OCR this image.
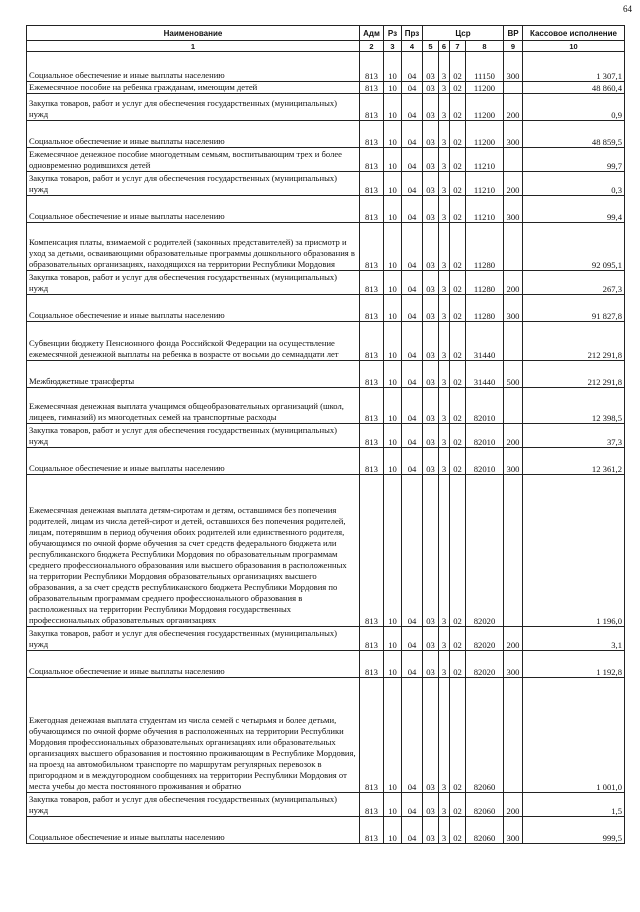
64
Наименование	Адм	Рз	Прз	Цср				ВР	Кассовое исполнение
1	2	3	4	5	6	7	8	9	10
Социальное обеспечение и иные выплаты населению	813	10	04	03	3	02	11150	300	1 307,1
Ежемесячное пособие на ребенка гражданам, имеющим детей	813	10	04	03	3	02	11200		48 860,4
Закупка товаров, работ и услуг для обеспечения государственных (муниципальных) нужд	813	10	04	03	3	02	11200	200	0,9
Социальное обеспечение и иные выплаты населению	813	10	04	03	3	02	11200	300	48 859,5
Ежемесячное денежное пособие многодетным семьям, воспитывающим трех и более одновременно родившихся детей	813	10	04	03	3	02	11210		99,7
Закупка товаров, работ и услуг для обеспечения государственных (муниципальных) нужд	813	10	04	03	3	02	11210	200	0,3
Социальное обеспечение и иные выплаты населению	813	10	04	03	3	02	11210	300	99,4
Компенсация платы, взимаемой с родителей (законных представителей) за присмотр и уход за детьми, осваивающими образовательные программы дошкольного образования в образовательных организациях, находящихся на территории Республики Мордовия	813	10	04	03	3	02	11280		92 095,1
Закупка товаров, работ и услуг для обеспечения государственных (муниципальных) нужд	813	10	04	03	3	02	11280	200	267,3
Социальное обеспечение и иные выплаты населению	813	10	04	03	3	02	11280	300	91 827,8
Субвенции бюджету Пенсионного фонда Российской Федерации на осуществление ежемесячной денежной выплаты на ребенка в возрасте от восьми до семнадцати лет	813	10	04	03	3	02	31440		212 291,8
Межбюджетные трансферты	813	10	04	03	3	02	31440	500	212 291,8
Ежемесячная денежная выплата учащимся общеобразовательных организаций (школ, лицеев, гимназий) из многодетных семей на транспортные расходы	813	10	04	03	3	02	82010		12 398,5
Закупка товаров, работ и услуг для обеспечения государственных (муниципальных) нужд	813	10	04	03	3	02	82010	200	37,3
Социальное обеспечение и иные выплаты населению	813	10	04	03	3	02	82010	300	12 361,2
Ежемесячная денежная выплата детям-сиротам и детям, оставшимся без попечения родителей, лицам из числа детей-сирот и детей, оставшихся без попечения родителей, лицам, потерявшим в период обучения обоих родителей или единственного родителя, обучающимся по очной форме обучения за счет средств федерального бюджета или республиканского бюджета Республики Мордовия по образовательным программам среднего профессионального образования или высшего образования в расположенных на территории Республики Мордовия образовательных организациях высшего образования, а за счет средств республиканского бюджета Республики Мордовия по образовательным программам среднего профессионального образования в расположенных на территории Республики Мордовия государственных профессиональных образовательных организациях	813	10	04	03	3	02	82020		1 196,0
Закупка товаров, работ и услуг для обеспечения государственных (муниципальных) нужд	813	10	04	03	3	02	82020	200	3,1
Социальное обеспечение и иные выплаты населению	813	10	04	03	3	02	82020	300	1 192,8
Ежегодная денежная выплата студентам из числа семей с четырьмя и более детьми, обучающимся по очной форме обучения в расположенных на территории Республики Мордовия профессиональных образовательных организациях или образовательных организациях высшего образования и постоянно проживающим в Республике Мордовия, на проезд на автомобильном транспорте по маршрутам регулярных перевозок в пригородном и в междугородном сообщениях на территории Республики Мордовия от места учебы до места постоянного проживания и обратно	813	10	04	03	3	02	82060		1 001,0
Закупка товаров, работ и услуг для обеспечения государственных (муниципальных) нужд	813	10	04	03	3	02	82060	200	1,5
Социальное обеспечение и иные выплаты населению	813	10	04	03	3	02	82060	300	999,5
